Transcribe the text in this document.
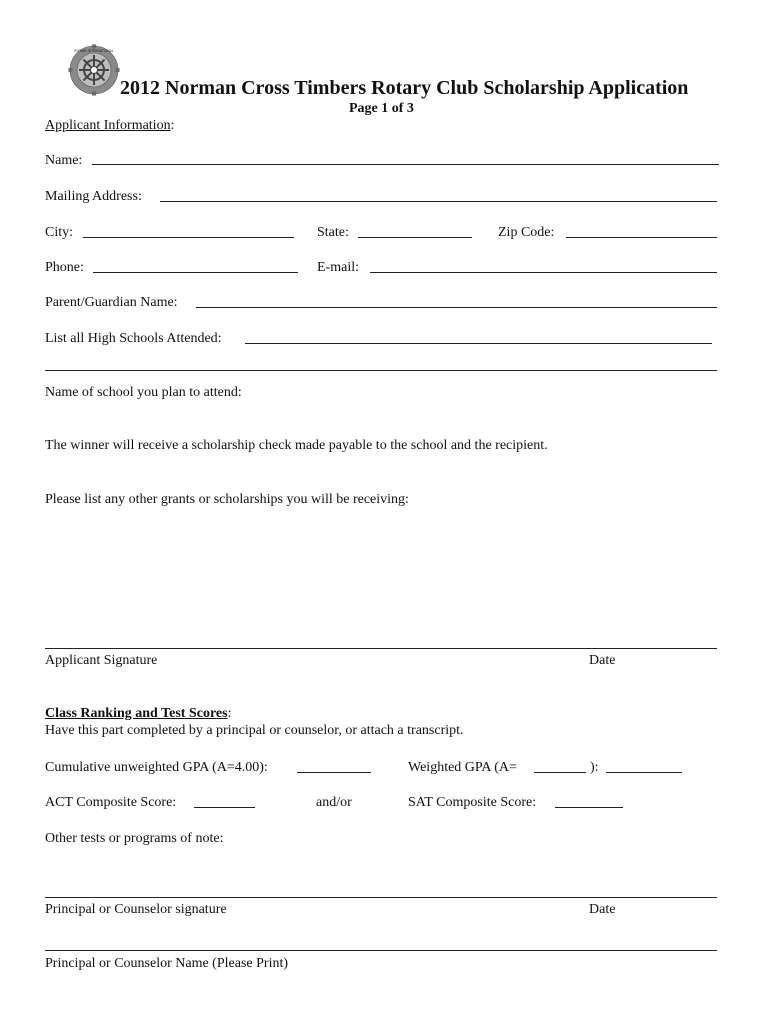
ROTARY INTERNATIONAL
2012 Norman Cross Timbers Rotary Club Scholarship Application
Page 1 of 3
Applicant Information:
Name:
Mailing Address:
City:	State:	Zip Code:
Phone:	E-mail:
Parent/Guardian Name:
List all High Schools Attended:
Name of school you plan to attend:
The winner will receive a scholarship check made payable to the school and the recipient.
Please list any other grants or scholarships you will be receiving:
Applicant Signature	Date
Class Ranking and Test Scores:
Have this part completed by a principal or counselor, or attach a transcript.
Cumulative unweighted GPA (A=4.00):	Weighted GPA (A=	):
ACT Composite Score:	and/or	SAT Composite Score:
Other tests or programs of note:
Principal or Counselor signature	Date
Principal or Counselor Name (Please Print)
